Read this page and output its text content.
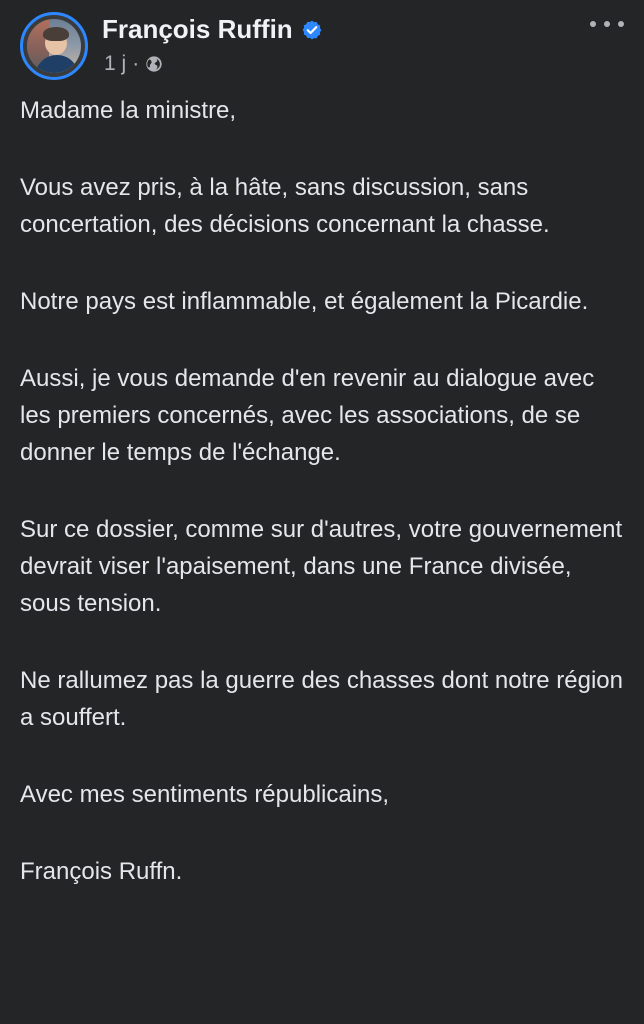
François Ruffin
1 j ·

Madame la ministre,

Vous avez pris, à la hâte, sans discussion, sans concertation, des décisions concernant la chasse.

Notre pays est inflammable, et également la Picardie.

Aussi, je vous demande d'en revenir au dialogue avec les premiers concernés, avec les associations, de se donner le temps de l'échange.

Sur ce dossier, comme sur d'autres, votre gouvernement devrait viser l'apaisement, dans une France divisée, sous tension.

Ne rallumez pas la guerre des chasses dont notre région a souffert.

Avec mes sentiments républicains,

François Ruffn.
